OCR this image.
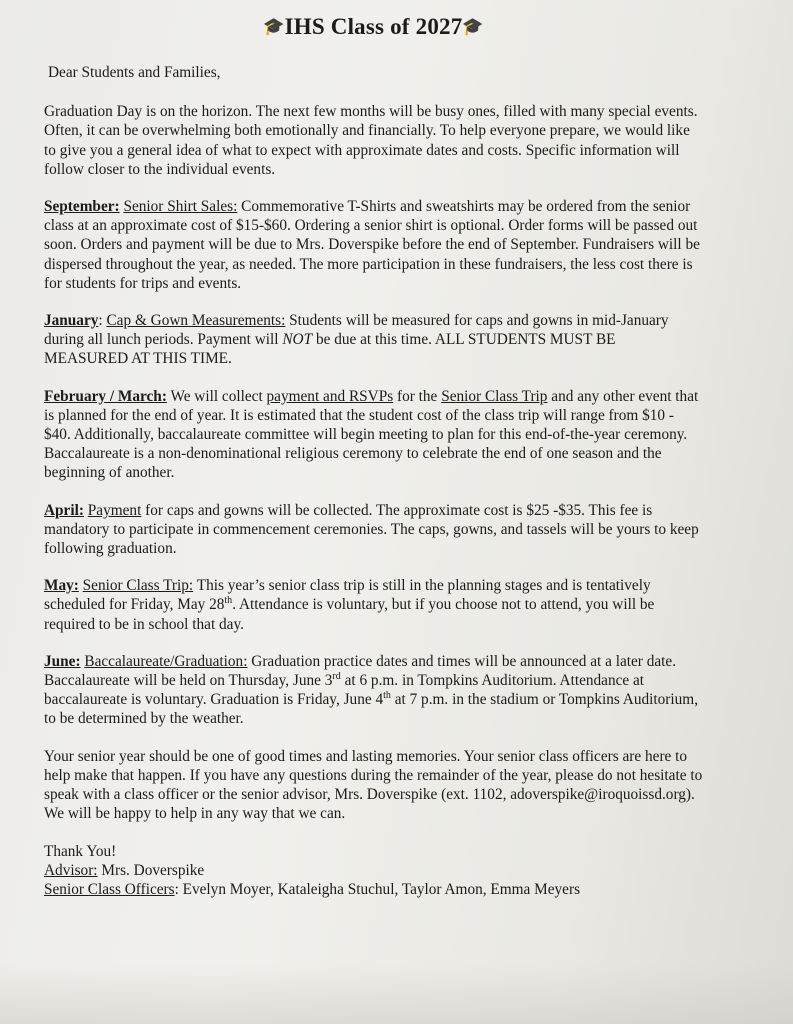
🎓IHS Class of 2027🎓

Dear Students and Families,

Graduation Day is on the horizon. The next few months will be busy ones, filled with many special events. Often, it can be overwhelming both emotionally and financially. To help everyone prepare, we would like to give you a general idea of what to expect with approximate dates and costs. Specific information will follow closer to the individual events.

September: Senior Shirt Sales: Commemorative T-Shirts and sweatshirts may be ordered from the senior class at an approximate cost of $15-$60. Ordering a senior shirt is optional. Order forms will be passed out soon. Orders and payment will be due to Mrs. Doverspike before the end of September. Fundraisers will be dispersed throughout the year, as needed. The more participation in these fundraisers, the less cost there is for students for trips and events.

January: Cap & Gown Measurements: Students will be measured for caps and gowns in mid-January during all lunch periods. Payment will NOT be due at this time. ALL STUDENTS MUST BE MEASURED AT THIS TIME.

February / March: We will collect payment and RSVPs for the Senior Class Trip and any other event that is planned for the end of year. It is estimated that the student cost of the class trip will range from $10 - $40. Additionally, baccalaureate committee will begin meeting to plan for this end-of-the-year ceremony. Baccalaureate is a non-denominational religious ceremony to celebrate the end of one season and the beginning of another.

April: Payment for caps and gowns will be collected. The approximate cost is $25 -$35. This fee is mandatory to participate in commencement ceremonies. The caps, gowns, and tassels will be yours to keep following graduation.

May: Senior Class Trip: This year’s senior class trip is still in the planning stages and is tentatively scheduled for Friday, May 28th. Attendance is voluntary, but if you choose not to attend, you will be required to be in school that day.

June: Baccalaureate/Graduation: Graduation practice dates and times will be announced at a later date. Baccalaureate will be held on Thursday, June 3rd at 6 p.m. in Tompkins Auditorium. Attendance at baccalaureate is voluntary. Graduation is Friday, June 4th at 7 p.m. in the stadium or Tompkins Auditorium, to be determined by the weather.

Your senior year should be one of good times and lasting memories. Your senior class officers are here to help make that happen. If you have any questions during the remainder of the year, please do not hesitate to speak with a class officer or the senior advisor, Mrs. Doverspike (ext. 1102, adoverspike@iroquoissd.org). We will be happy to help in any way that we can.

Thank You!

Advisor: Mrs. Doverspike

Senior Class Officers: Evelyn Moyer, Kataleigha Stuchul, Taylor Amon, Emma Meyers
